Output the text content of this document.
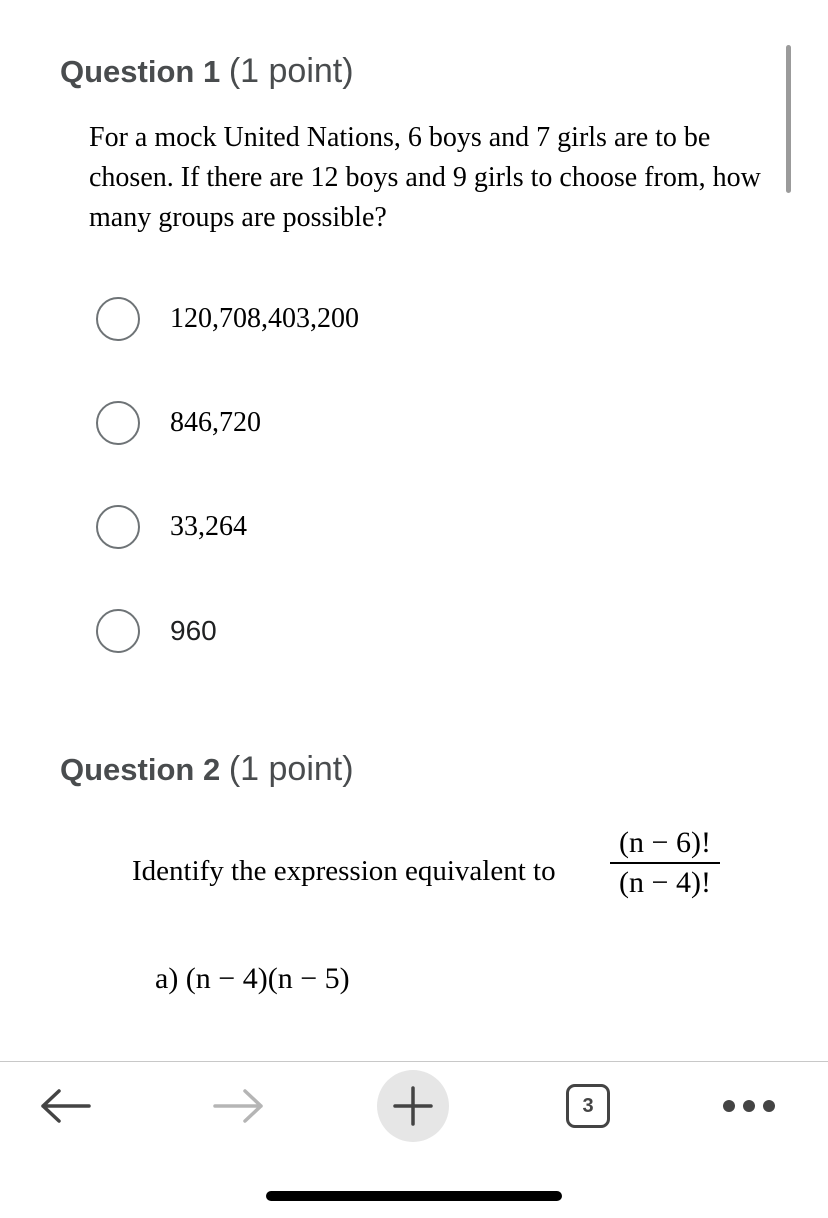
Question 1 (1 point)
For a mock United Nations, 6 boys and 7 girls are to be chosen. If there are 12 boys and 9 girls to choose from, how many groups are possible?
120,708,403,200
846,720
33,264
960
Question 2 (1 point)
Identify the expression equivalent to
(n − 6)!
(n − 4)!
a) (n − 4)(n − 5)
3
